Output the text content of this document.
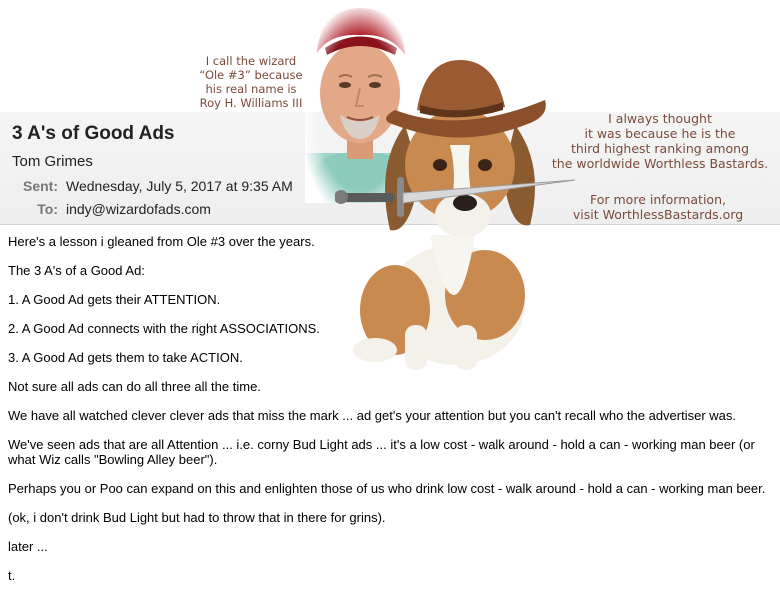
3 A's of Good Ads
Tom Grimes
Sent: Wednesday, July 5, 2017 at 9:35 AM
To: indy@wizardofads.com

Here's a lesson i gleaned from Ole #3 over the years.

The 3 A's of a Good Ad:

1. A Good Ad gets their ATTENTION.

2. A Good Ad connects with the right ASSOCIATIONS.

3. A Good Ad gets them to take ACTION.

Not sure all ads can do all three all the time.

We have all watched clever clever ads that miss the mark ... ad get's your attention but you can't recall who the advertiser was.

We've seen ads that are all Attention ... i.e. corny Bud Light ads ... it's a low cost - walk around - hold a can - working man beer (or what Wiz calls "Bowling Alley beer").

Perhaps you or Poo can expand on this and enlighten those of us who drink low cost - walk around - hold a can - working man beer.

(ok, i don't drink Bud Light but had to throw that in there for grins).

later ...

t.

I call the wizard
“Ole #3” because
his real name is
Roy H. Williams III
I always thought
it was because he is the
third highest ranking among
the worldwide Worthless Bastards.
For more information,
visit WorthlessBastards.org
